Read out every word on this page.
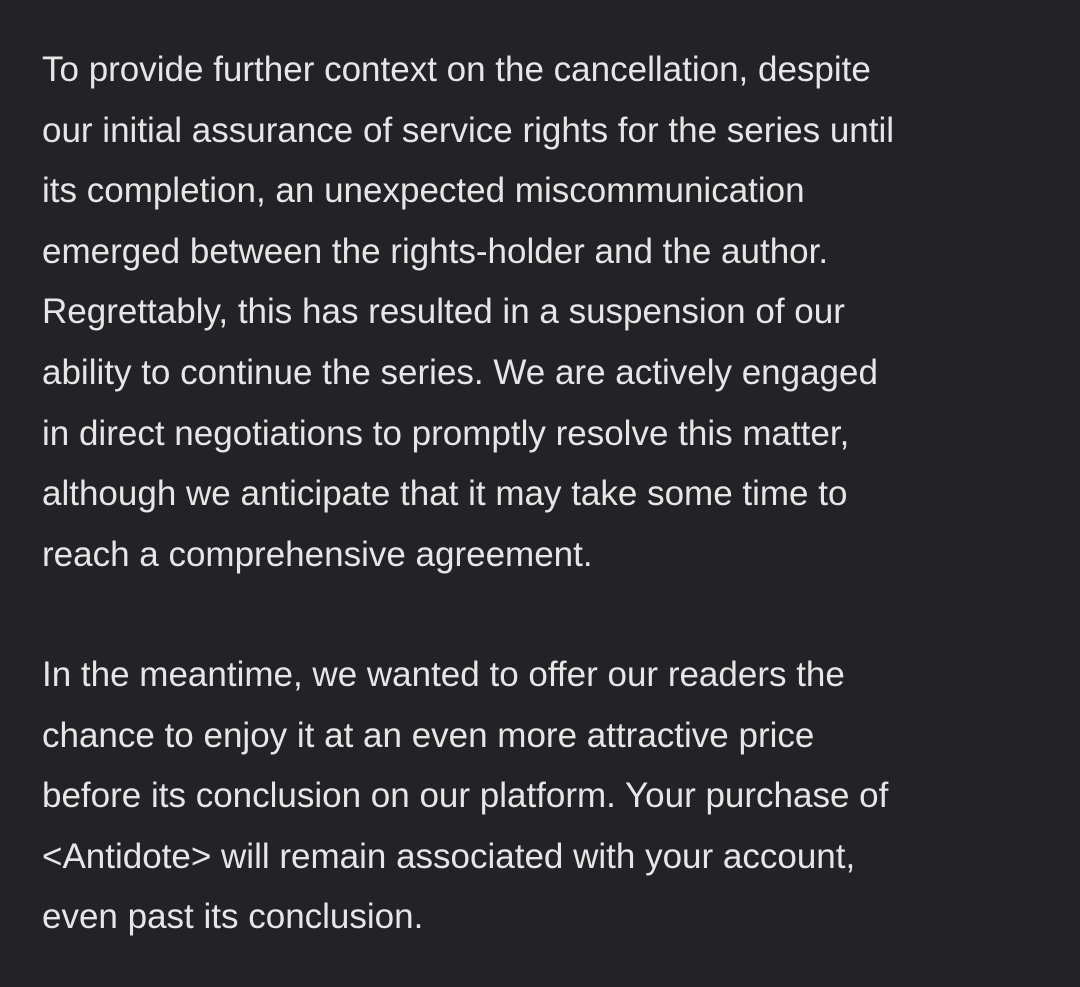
To provide further context on the cancellation, despite
our initial assurance of service rights for the series until
its completion, an unexpected miscommunication
emerged between the rights-holder and the author.
Regrettably, this has resulted in a suspension of our
ability to continue the series. We are actively engaged
in direct negotiations to promptly resolve this matter,
although we anticipate that it may take some time to
reach a comprehensive agreement.

In the meantime, we wanted to offer our readers the
chance to enjoy it at an even more attractive price
before its conclusion on our platform. Your purchase of
<Antidote> will remain associated with your account,
even past its conclusion.
